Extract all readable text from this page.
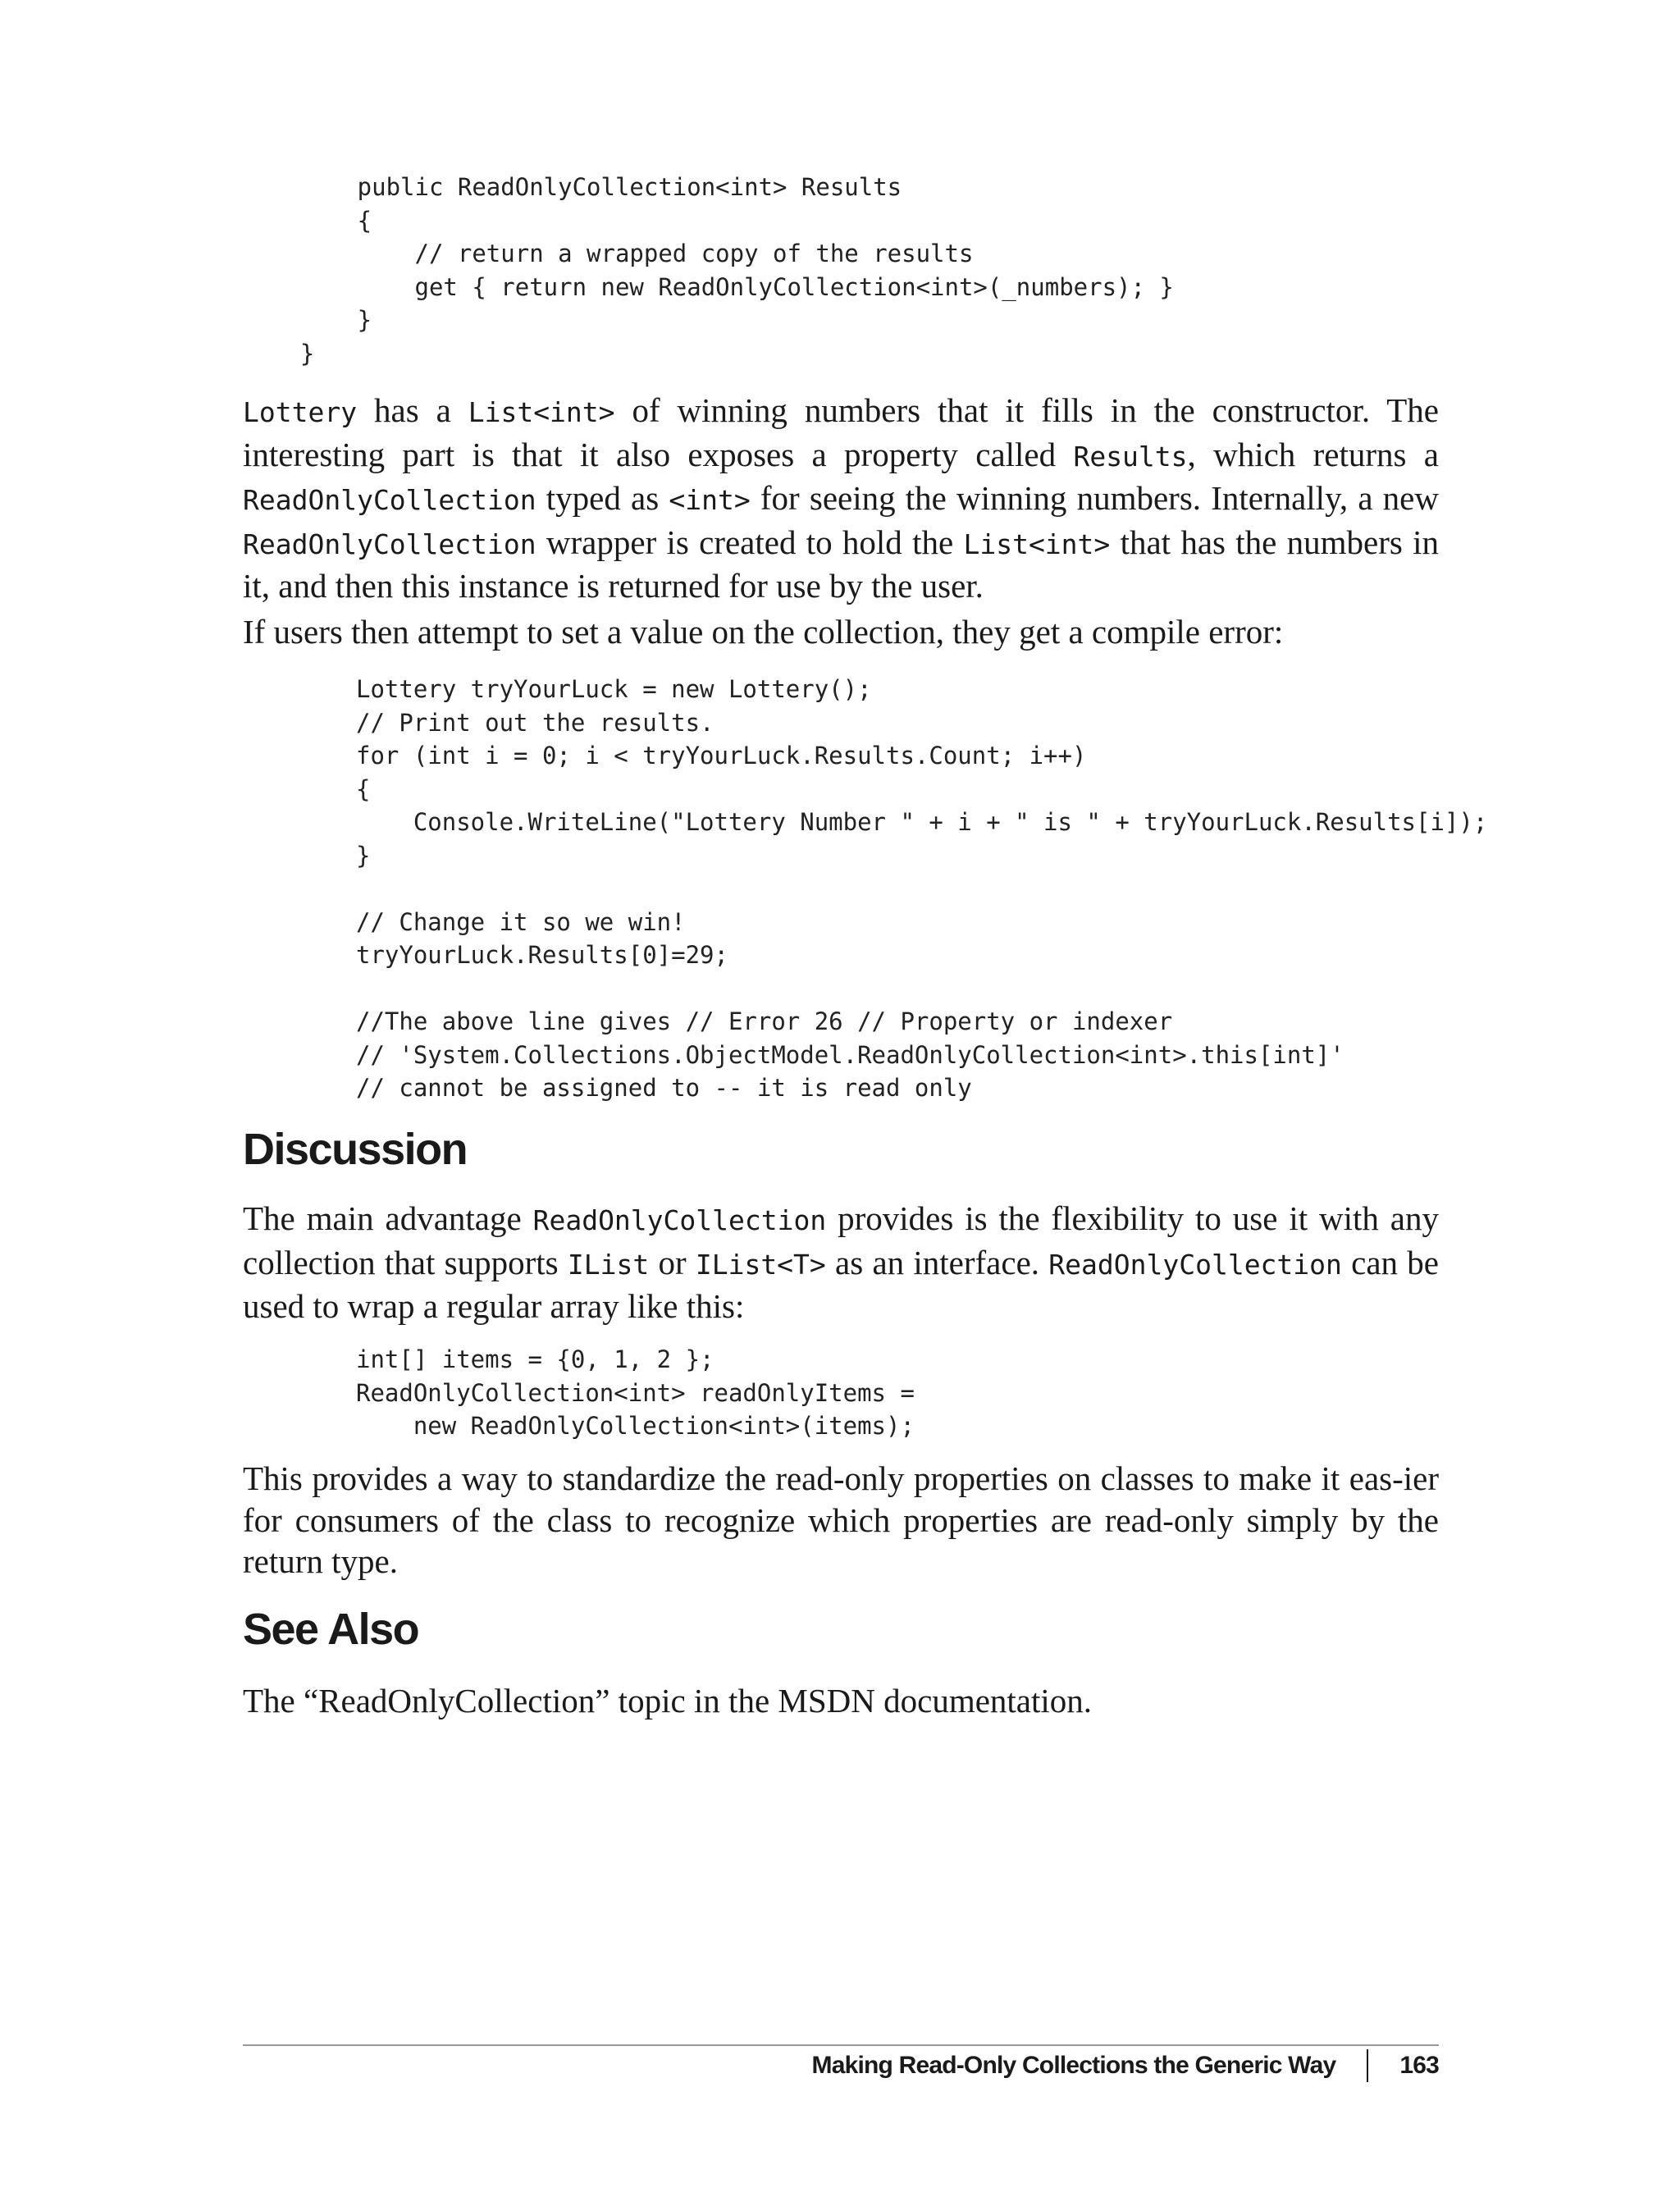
public ReadOnlyCollection<int> Results
{
// return a wrapped copy of the results
get { return new ReadOnlyCollection<int>(_numbers); }
}
}

Lottery has a List<int> of winning numbers that it fills in the constructor. The interesting part is that it also exposes a property called Results, which returns a ReadOnlyCollection typed as <int> for seeing the winning numbers. Internally, a new ReadOnlyCollection wrapper is created to hold the List<int> that has the numbers in it, and then this instance is returned for use by the user.

If users then attempt to set a value on the collection, they get a compile error:

Lottery tryYourLuck = new Lottery();
// Print out the results.
for (int i = 0; i < tryYourLuck.Results.Count; i++)
{
Console.WriteLine("Lottery Number " + i + " is " + tryYourLuck.Results[i]);
}

// Change it so we win!
tryYourLuck.Results[0]=29;

//The above line gives // Error 26 // Property or indexer
// 'System.Collections.ObjectModel.ReadOnlyCollection<int>.this[int]'
// cannot be assigned to -- it is read only
Discussion

The main advantage ReadOnlyCollection provides is the flexibility to use it with any collection that supports IList or IList<T> as an interface. ReadOnlyCollection can be used to wrap a regular array like this:

int[] items = {0, 1, 2 };
ReadOnlyCollection<int> readOnlyItems =
new ReadOnlyCollection<int>(items);

This provides a way to standardize the read-only properties on classes to make it eas-ier for consumers of the class to recognize which properties are read-only simply by the return type.

See Also

The “ReadOnlyCollection” topic in the MSDN documentation.

Making Read-Only Collections the Generic Way	163
